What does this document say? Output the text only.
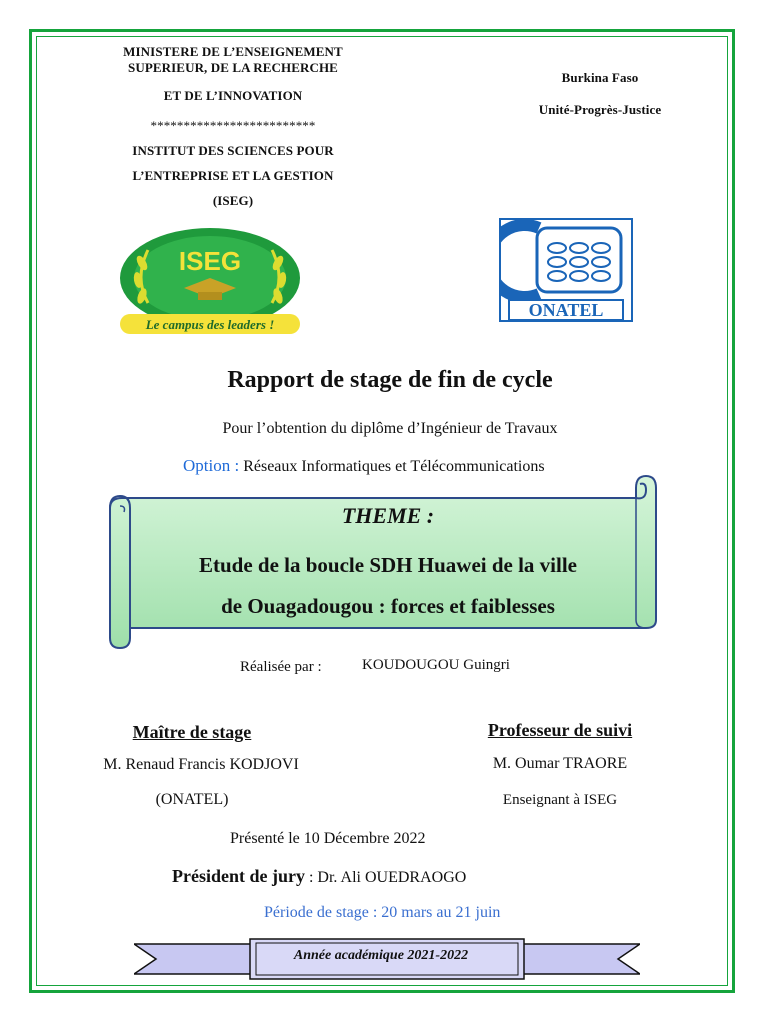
MINISTERE DE L’ENSEIGNEMENT
SUPERIEUR, DE LA RECHERCHE
ET DE L’INNOVATION
*************************
INSTITUT DES SCIENCES POUR
L’ENTREPRISE ET LA GESTION
(ISEG)
Burkina Faso
Unité-Progrès-Justice
ISEG
Le campus des leaders !
ONATEL
Rapport de stage de fin de cycle
Pour l’obtention du diplôme d’Ingénieur de Travaux
Option : Réseaux Informatiques et Télécommunications
THEME :
Etude de la boucle SDH Huawei de la ville
de Ouagadougou : forces et faiblesses
Réalisée par :	KOUDOUGOU Guingri
Maître de stage
M. Renaud Francis KODJOVI
(ONATEL)
Professeur de suivi
M. Oumar TRAORE
Enseignant à ISEG
Présenté le 10 Décembre 2022
Président de jury : Dr. Ali OUEDRAOGO
Période de stage : 20 mars au 21 juin
Année académique 2021-2022
